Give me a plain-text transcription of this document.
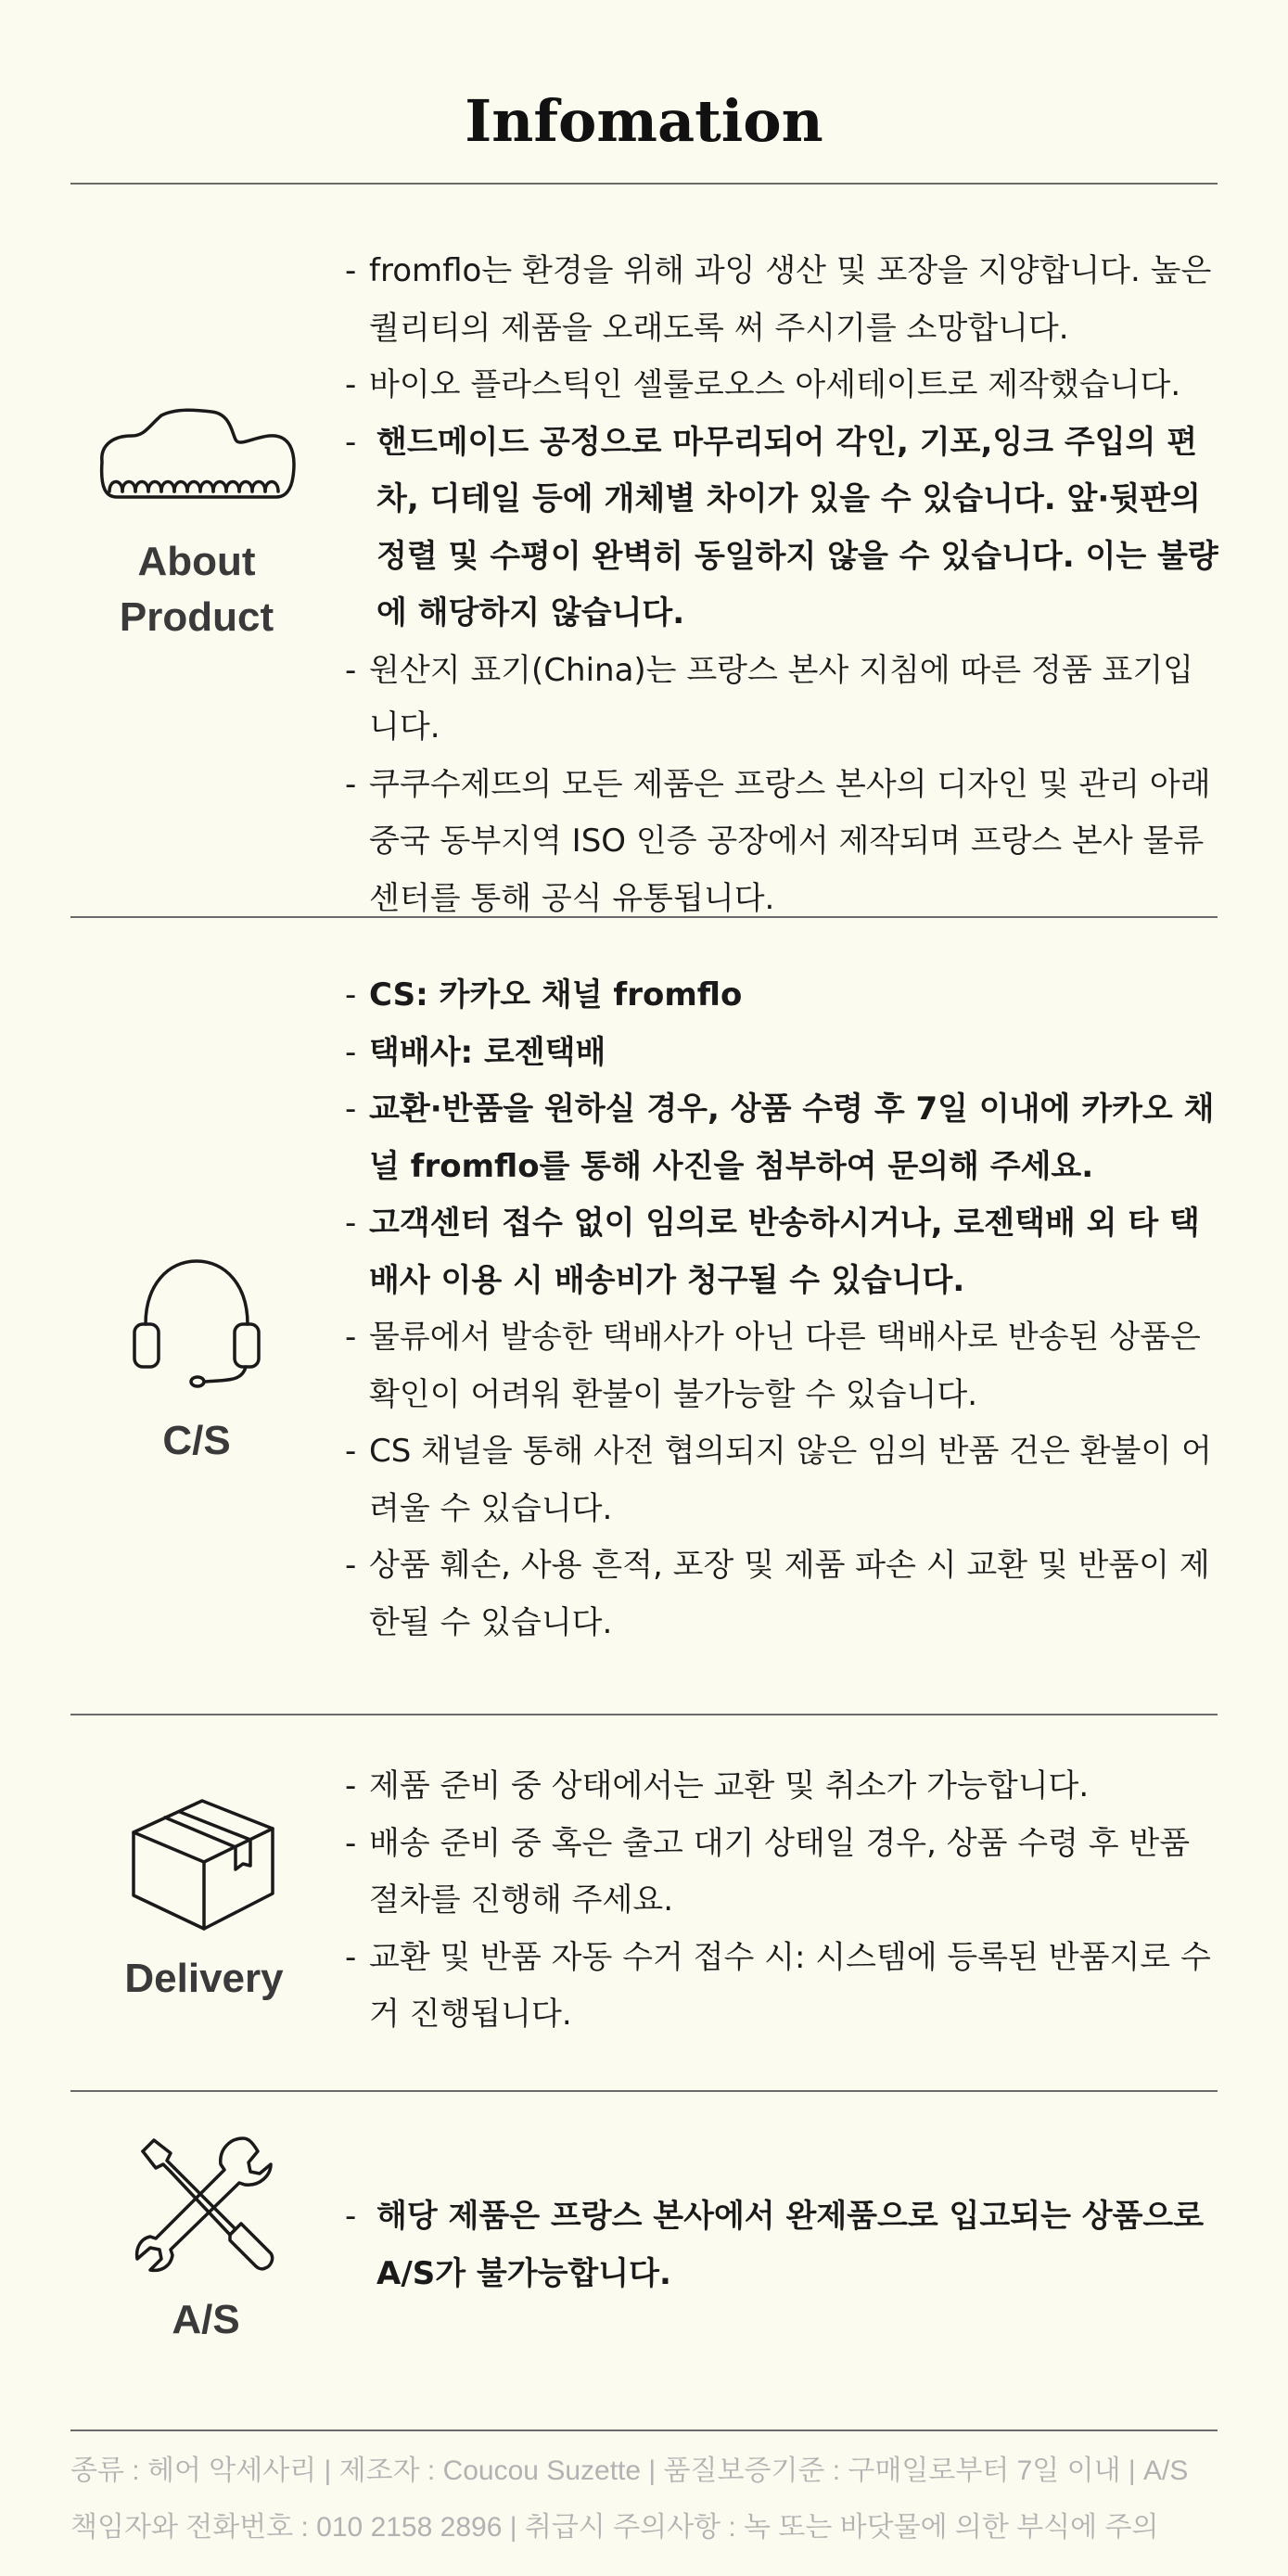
Infomation
About
Product
- fromflo는 환경을 위해 과잉 생산 및 포장을 지양합니다. 높은 퀄리티의 제품을 오래도록 써 주시기를 소망합니다.
- 바이오 플라스틱인 셀룰로오스 아세테이트로 제작했습니다.
- 핸드메이드 공정으로 마무리되어 각인, 기포,잉크 주입의 편차, 디테일 등에 개체별 차이가 있을 수 있습니다. 앞·뒷판의 정렬 및 수평이 완벽히 동일하지 않을 수 있습니다. 이는 불량에 해당하지 않습니다.
- 원산지 표기(China)는 프랑스 본사 지침에 따른 정품 표기입니다.
- 쿠쿠수제뜨의 모든 제품은 프랑스 본사의 디자인 및 관리 아래 중국 동부지역 ISO 인증 공장에서 제작되며 프랑스 본사 물류 센터를 통해 공식 유통됩니다.
C/S
- CS: 카카오 채널 fromflo
- 택배사: 로젠택배
- 교환·반품을 원하실 경우, 상품 수령 후 7일 이내에 카카오 채널 fromflo를 통해 사진을 첨부하여 문의해 주세요.
- 고객센터 접수 없이 임의로 반송하시거나, 로젠택배 외 타 택배사 이용 시 배송비가 청구될 수 있습니다.
- 물류에서 발송한 택배사가 아닌 다른 택배사로 반송된 상품은 확인이 어려워 환불이 불가능할 수 있습니다.
- CS 채널을 통해 사전 협의되지 않은 임의 반품 건은 환불이 어려울 수 있습니다.
- 상품 훼손, 사용 흔적, 포장 및 제품 파손 시 교환 및 반품이 제한될 수 있습니다.
Delivery
- 제품 준비 중 상태에서는 교환 및 취소가 가능합니다.
- 배송 준비 중 혹은 출고 대기 상태일 경우, 상품 수령 후 반품 절차를 진행해 주세요.
- 교환 및 반품 자동 수거 접수 시: 시스템에 등록된 반품지로 수거 진행됩니다.
A/S
- 해당 제품은 프랑스 본사에서 완제품으로 입고되는 상품으로 A/S가 불가능합니다.
종류 : 헤어 악세사리 | 제조자 : Coucou Suzette | 품질보증기준 : 구매일로부터 7일 이내 | A/S
책임자와 전화번호 : 010 2158 2896 | 취급시 주의사항 : 녹 또는 바닷물에 의한 부식에 주의
